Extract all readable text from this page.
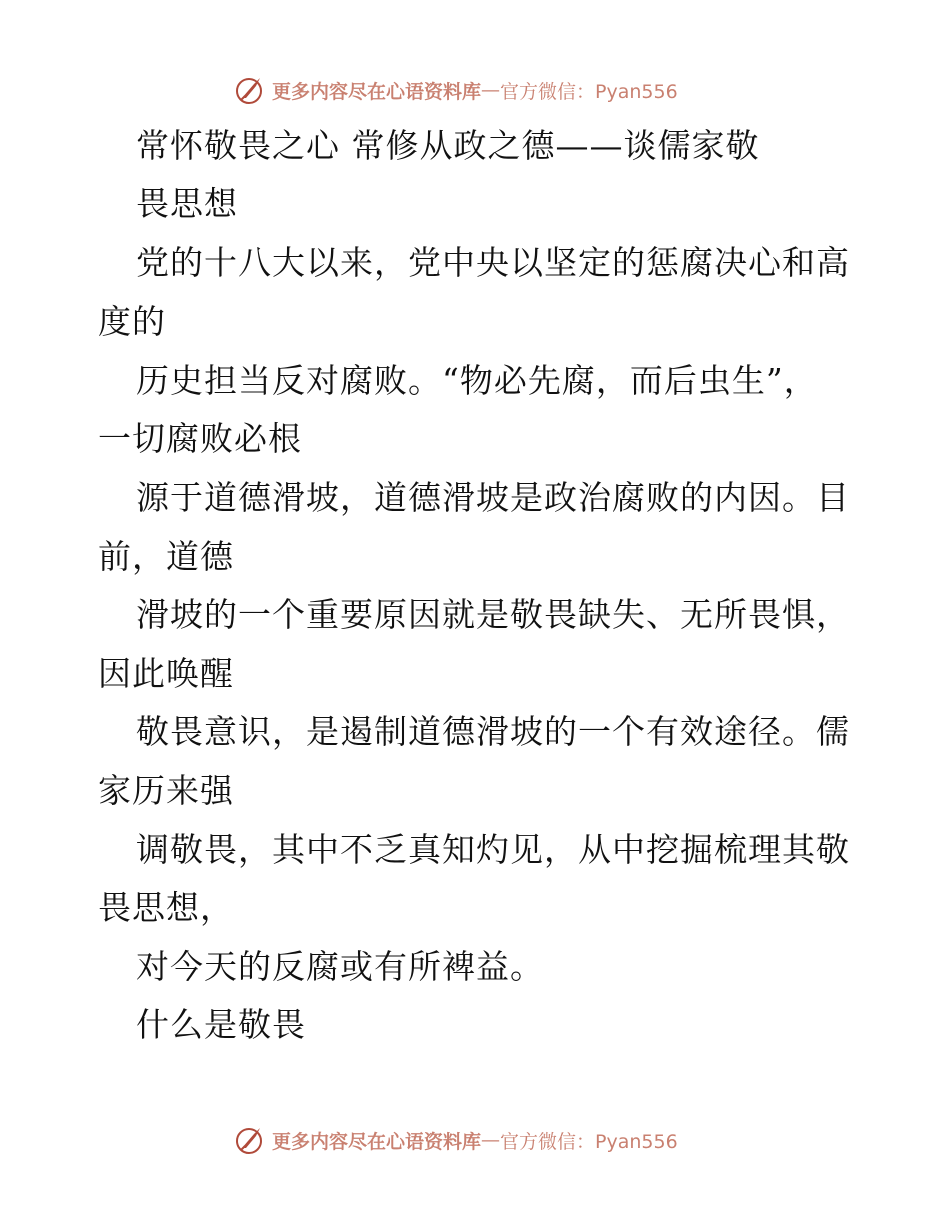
更多内容尽在心语资料库 — 官方微信：Pyan556
常怀敬畏之心 常修从政之德——谈儒家敬
畏思想
党的十八大以来，党中央以坚定的惩腐决心和高
度的
历史担当反对腐败。“物必先腐，而后虫生”，
一切腐败必根
源于道德滑坡，道德滑坡是政治腐败的内因。目
前，道德
滑坡的一个重要原因就是敬畏缺失、无所畏惧，
因此唤醒
敬畏意识，是遏制道德滑坡的一个有效途径。儒
家历来强
调敬畏，其中不乏真知灼见，从中挖掘梳理其敬
畏思想，
对今天的反腐或有所裨益。
什么是敬畏
更多内容尽在心语资料库 — 官方微信：Pyan556
